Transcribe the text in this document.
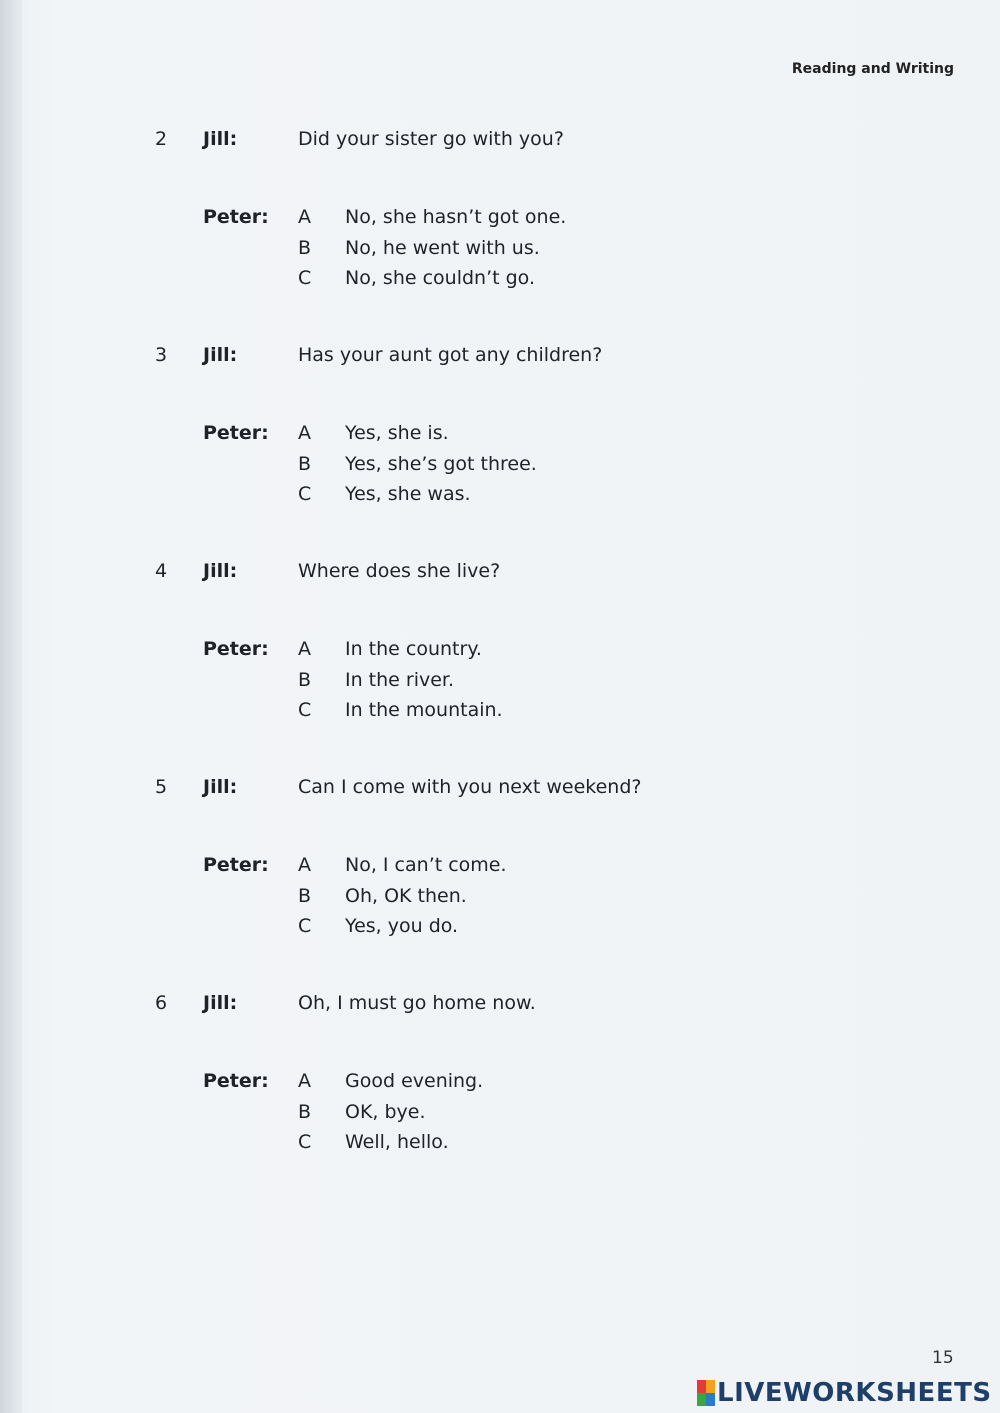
Reading and Writing
2 Jill:	Did your sister go with you?
Peter: A No, she hasn’t got one.
B No, he went with us.
C No, she couldn’t go.
3 Jill:	Has your aunt got any children?
Peter: A Yes, she is.
B Yes, she’s got three.
C Yes, she was.
4 Jill:	Where does she live?
Peter: A In the country.
B In the river.
C In the mountain.
5 Jill:	Can I come with you next weekend?
Peter: A No, I can’t come.
B Oh, OK then.
C Yes, you do.
6 Jill:	Oh, I must go home now.
Peter: A Good evening.
B OK, bye.
C Well, hello.
15
LIVEWORKSHEETS
